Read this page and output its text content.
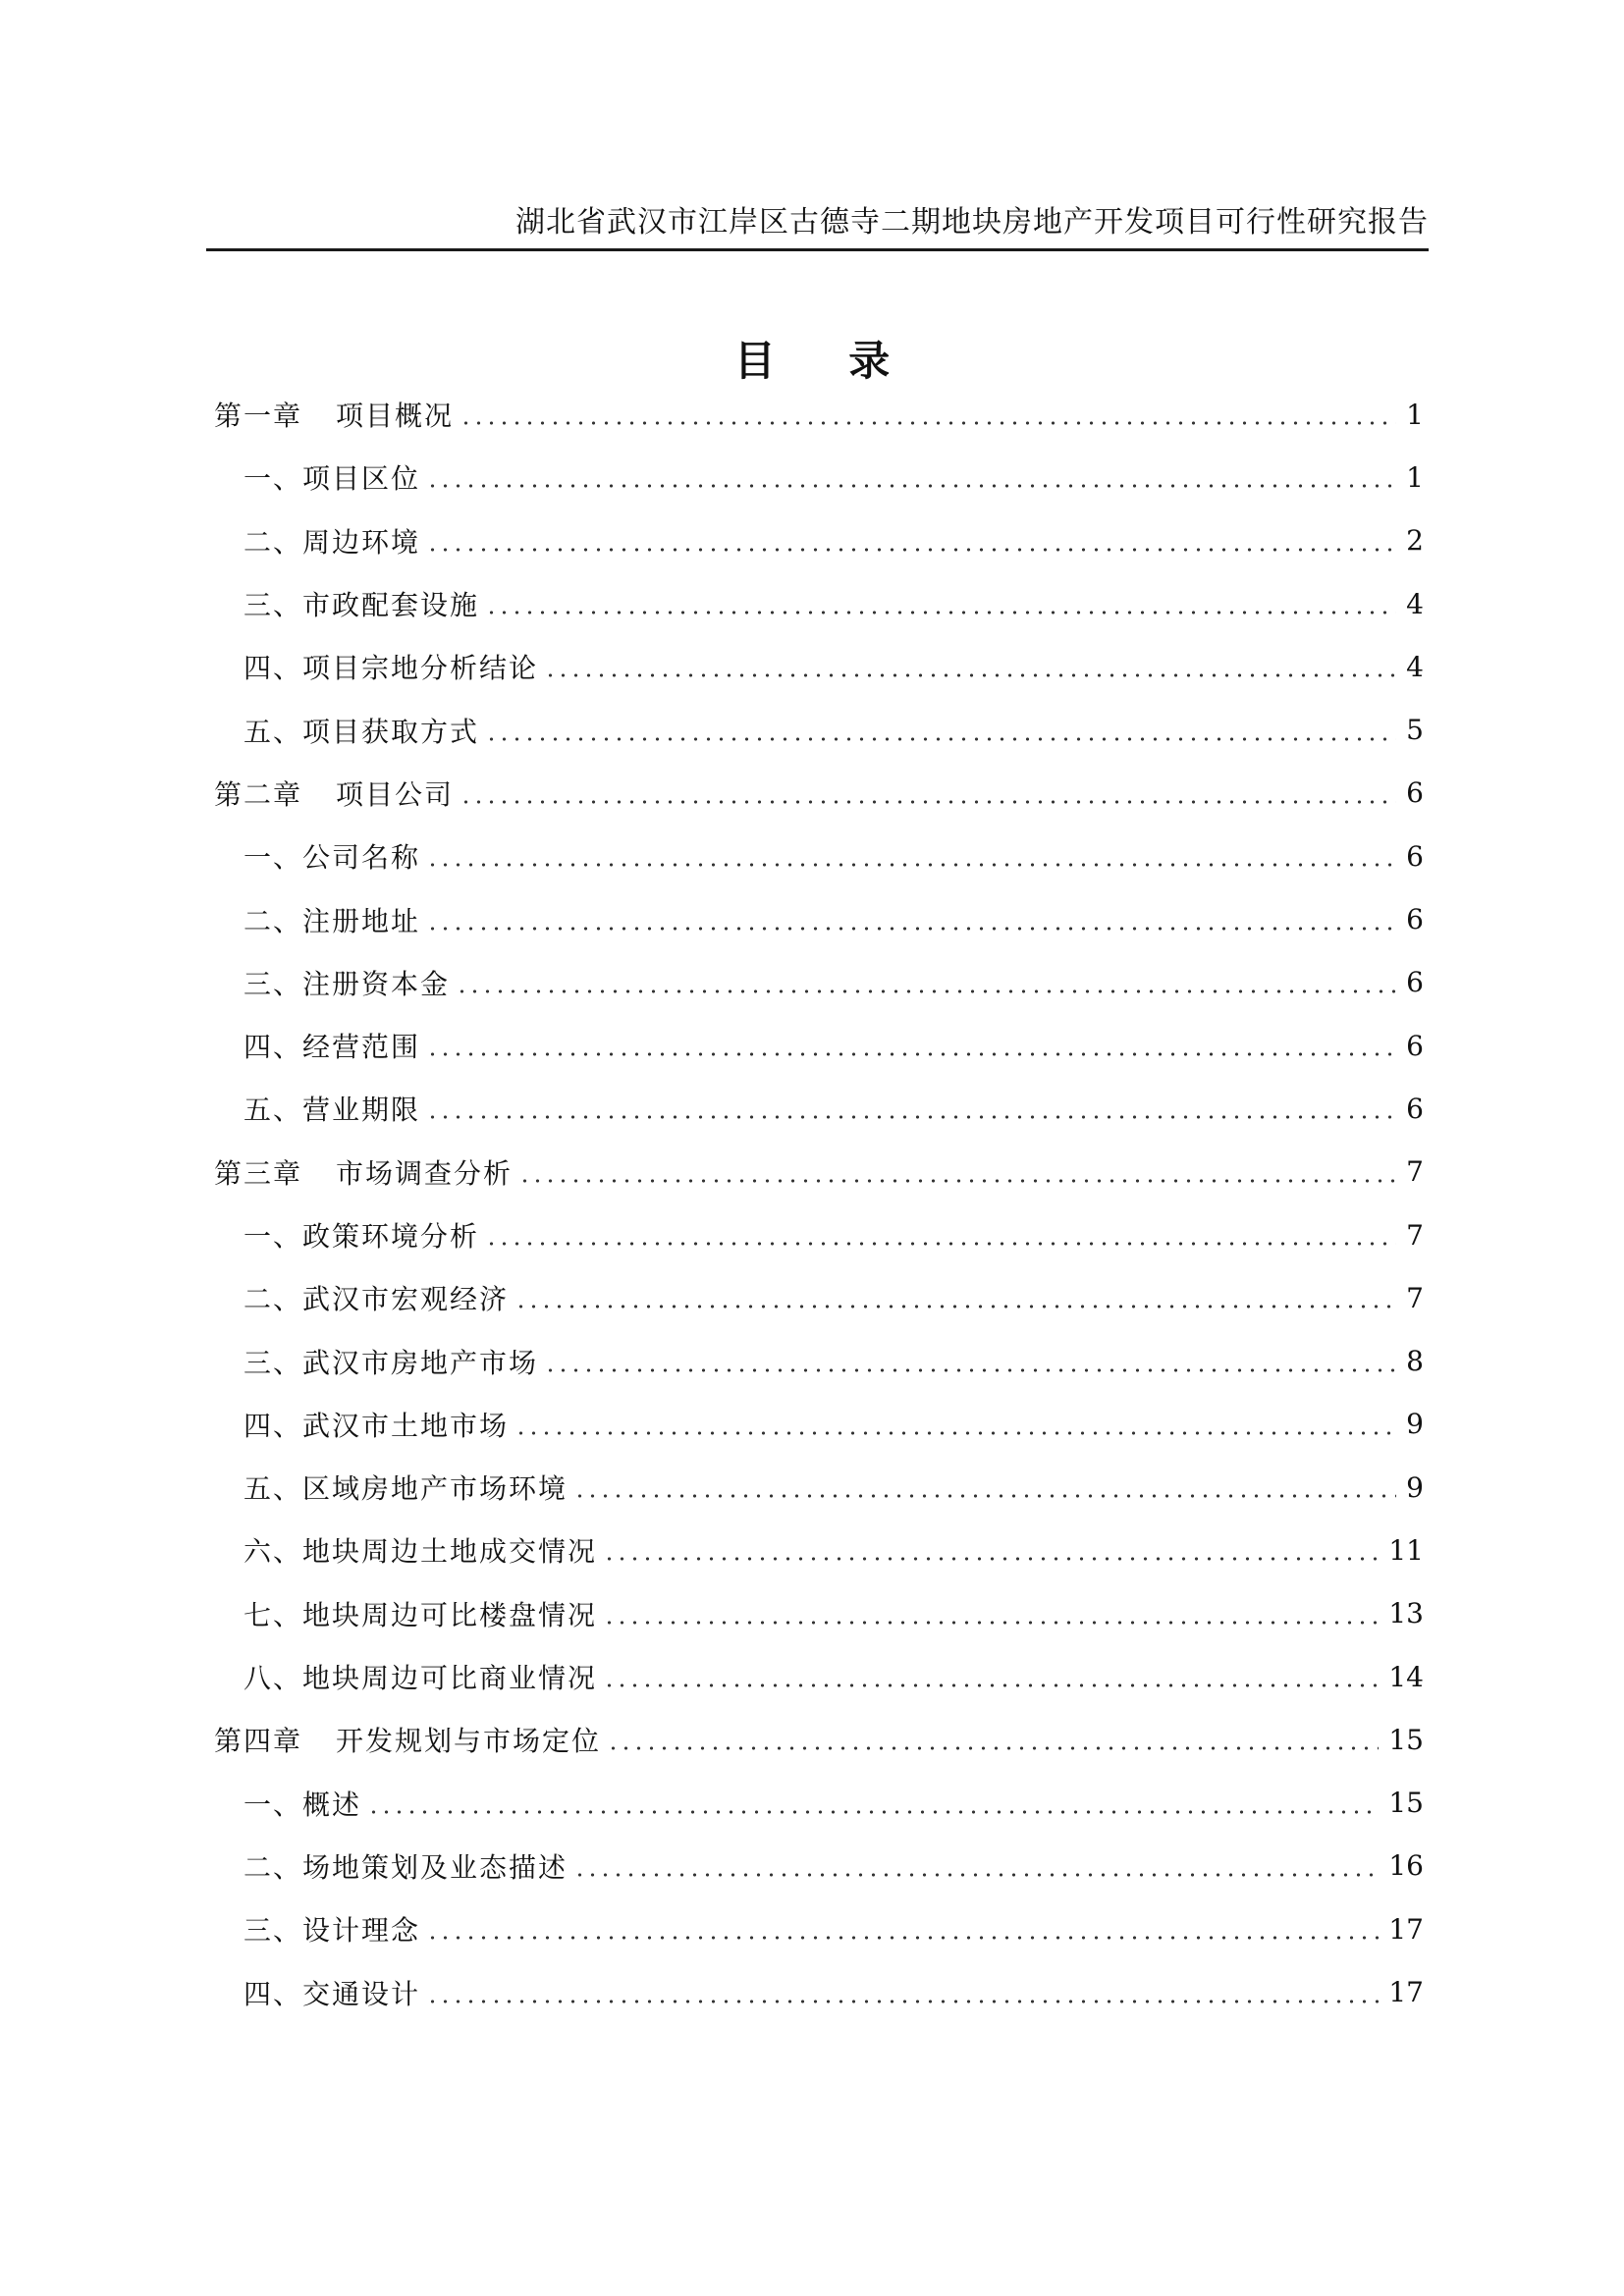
湖北省武汉市江岸区古德寺二期地块房地产开发项目可行性研究报告
目 录
第一章 项目概况	1
一、项目区位	1
二、周边环境	2
三、市政配套设施	4
四、项目宗地分析结论	4
五、项目获取方式	5
第二章 项目公司	6
一、公司名称	6
二、注册地址	6
三、注册资本金	6
四、经营范围	6
五、营业期限	6
第三章 市场调查分析	7
一、政策环境分析	7
二、武汉市宏观经济	7
三、武汉市房地产市场	8
四、武汉市土地市场	9
五、区域房地产市场环境	9
六、地块周边土地成交情况	11
七、地块周边可比楼盘情况	13
八、地块周边可比商业情况	14
第四章 开发规划与市场定位	15
一、概述	15
二、场地策划及业态描述	16
三、设计理念	17
四、交通设计	17
